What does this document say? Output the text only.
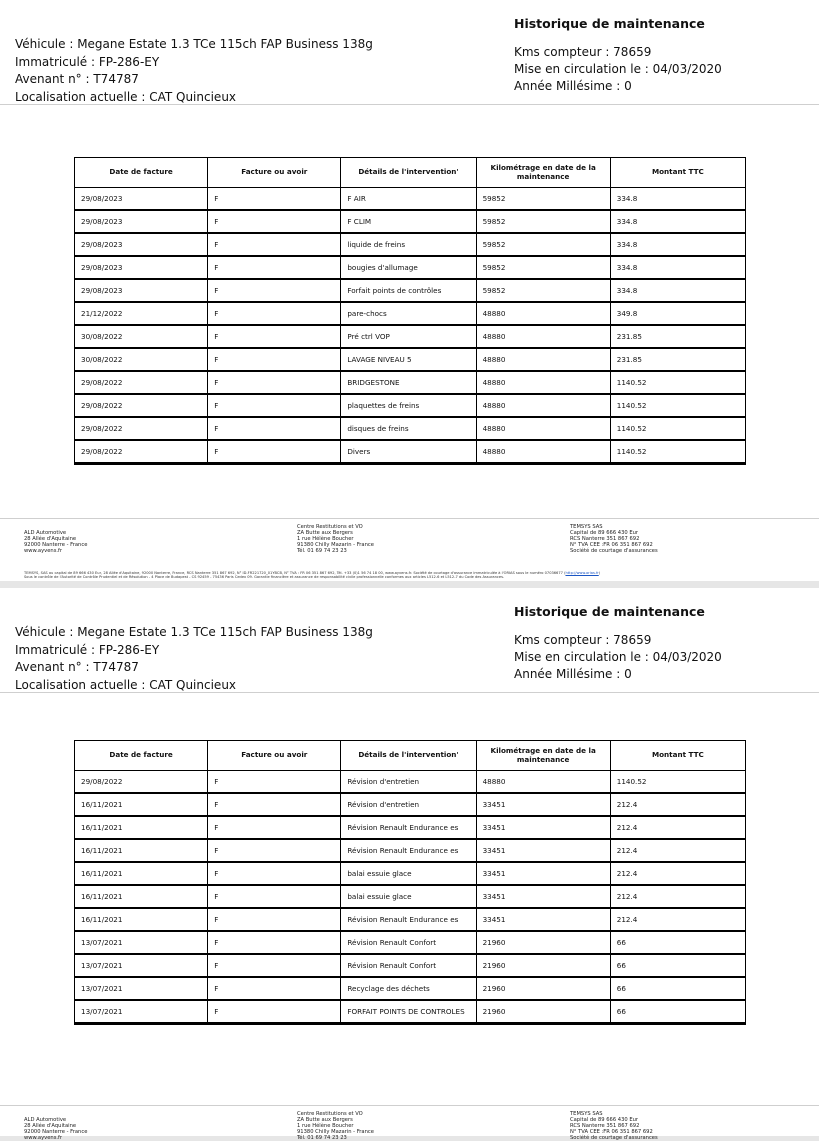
Véhicule : Megane Estate 1.3 TCe 115ch FAP Business 138g
Immatriculé : FP-286-EY
Avenant n° : T74787
Localisation actuelle : CAT Quincieux
Historique de maintenance
Kms compteur : 78659
Mise en circulation le : 04/03/2020
Année Millésime : 0
Date de facture	Facture ou avoir	Détails de l'intervention'	Kilométrage en date de la maintenance	Montant TTC
29/08/2023	F	F AIR	59852	334.8
29/08/2023	F	F CLIM	59852	334.8
29/08/2023	F	liquide de freins	59852	334.8
29/08/2023	F	bougies d'allumage	59852	334.8
29/08/2023	F	Forfait points de contrôles	59852	334.8
21/12/2022	F	pare-chocs	48880	349.8
30/08/2022	F	Pré ctrl VOP	48880	231.85
30/08/2022	F	LAVAGE NIVEAU 5	48880	231.85
29/08/2022	F	BRIDGESTONE	48880	1140.52
29/08/2022	F	plaquettes de freins	48880	1140.52
29/08/2022	F	disques de freins	48880	1140.52
29/08/2022	F	Divers	48880	1140.52
ALD Automotive
28 Allée d'Aquitaine
92000 Nanterre - France
www.ayvens.fr
Centre Restitutions et VO
ZA Butte aux Bergers
1 rue Hélène Boucher
91380 Chilly Mazarin - France
Tél. 01 69 74 23 23
TEMSYS SAS
Capital de 89 666 430 Eur
RCS Nanterre 351 867 692
N° TVA CEE :FR 06 351 867 692
Société de courtage d'assurances
TEMSYS, SAS au capital de 89 666 430 Eur, 28 Allée d'Aquitaine, 92000 Nanterre, France, RCS Nanterre 351 867 692, N° ID-FR221720_01YBCB, N° TVA : FR 06 351 867 692, Tél. +33 (0)1 56 74 18 00, www.ayvens.fr. Société de courtage d'assurance immatriculée à l'ORIAS sous le numéro 07036677 (http://www.orias.fr)
Sous le contrôle de l'Autorité de Contrôle Prudentiel et de Résolution - 4 Place de Budapest - CS 92459 - 75436 Paris Cedex 09. Garantie financière et assurance de responsabilité civile professionnelle conformes aux articles L512-6 et L512-7 du Code des Assurances.
Véhicule : Megane Estate 1.3 TCe 115ch FAP Business 138g
Immatriculé : FP-286-EY
Avenant n° : T74787
Localisation actuelle : CAT Quincieux
Historique de maintenance
Kms compteur : 78659
Mise en circulation le : 04/03/2020
Année Millésime : 0
Date de facture	Facture ou avoir	Détails de l'intervention'	Kilométrage en date de la maintenance	Montant TTC
29/08/2022	F	Révision d'entretien	48880	1140.52
16/11/2021	F	Révision d'entretien	33451	212.4
16/11/2021	F	Révision Renault Endurance es	33451	212.4
16/11/2021	F	Révision Renault Endurance es	33451	212.4
16/11/2021	F	balai essuie glace	33451	212.4
16/11/2021	F	balai essuie glace	33451	212.4
16/11/2021	F	Révision Renault Endurance es	33451	212.4
13/07/2021	F	Révision Renault Confort	21960	66
13/07/2021	F	Révision Renault Confort	21960	66
13/07/2021	F	Recyclage des déchets	21960	66
13/07/2021	F	FORFAIT POINTS DE CONTROLES	21960	66
ALD Automotive
28 Allée d'Aquitaine
92000 Nanterre - France
www.ayvens.fr
Centre Restitutions et VO
ZA Butte aux Bergers
1 rue Hélène Boucher
91380 Chilly Mazarin - France
Tél. 01 69 74 23 23
TEMSYS SAS
Capital de 89 666 430 Eur
RCS Nanterre 351 867 692
N° TVA CEE :FR 06 351 867 692
Société de courtage d'assurances
